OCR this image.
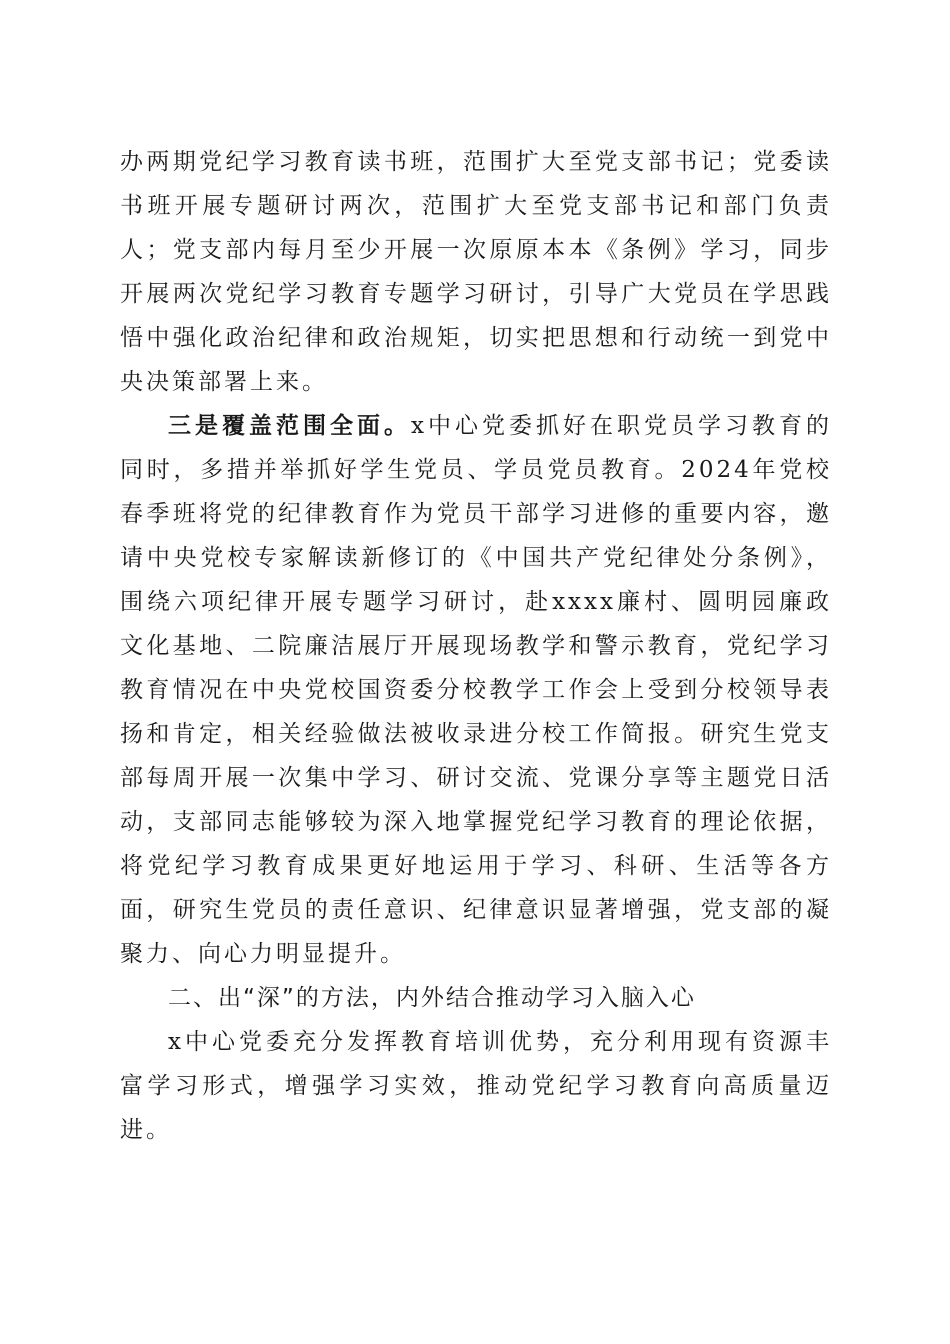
办两期党纪学习教育读书班，范围扩大至党支部书记；党委读书班开展专题研讨两次，范围扩大至党支部书记和部门负责人；党支部内每月至少开展一次原原本本《条例》学习，同步开展两次党纪学习教育专题学习研讨，引导广大党员在学思践悟中强化政治纪律和政治规矩，切实把思想和行动统一到党中央决策部署上来。

三是覆盖范围全面。x中心党委抓好在职党员学习教育的同时，多措并举抓好学生党员、学员党员教育。2024年党校春季班将党的纪律教育作为党员干部学习进修的重要内容，邀请中央党校专家解读新修订的《中国共产党纪律处分条例》，围绕六项纪律开展专题学习研讨，赴xxxx廉村、圆明园廉政文化基地、二院廉洁展厅开展现场教学和警示教育，党纪学习教育情况在中央党校国资委分校教学工作会上受到分校领导表扬和肯定，相关经验做法被收录进分校工作简报。研究生党支部每周开展一次集中学习、研讨交流、党课分享等主题党日活动，支部同志能够较为深入地掌握党纪学习教育的理论依据，将党纪学习教育成果更好地运用于学习、科研、生活等各方面，研究生党员的责任意识、纪律意识显著增强，党支部的凝聚力、向心力明显提升。

二、出“深”的方法，内外结合推动学习入脑入心

x中心党委充分发挥教育培训优势，充分利用现有资源丰富学习形式，增强学习实效，推动党纪学习教育向高质量迈进。
